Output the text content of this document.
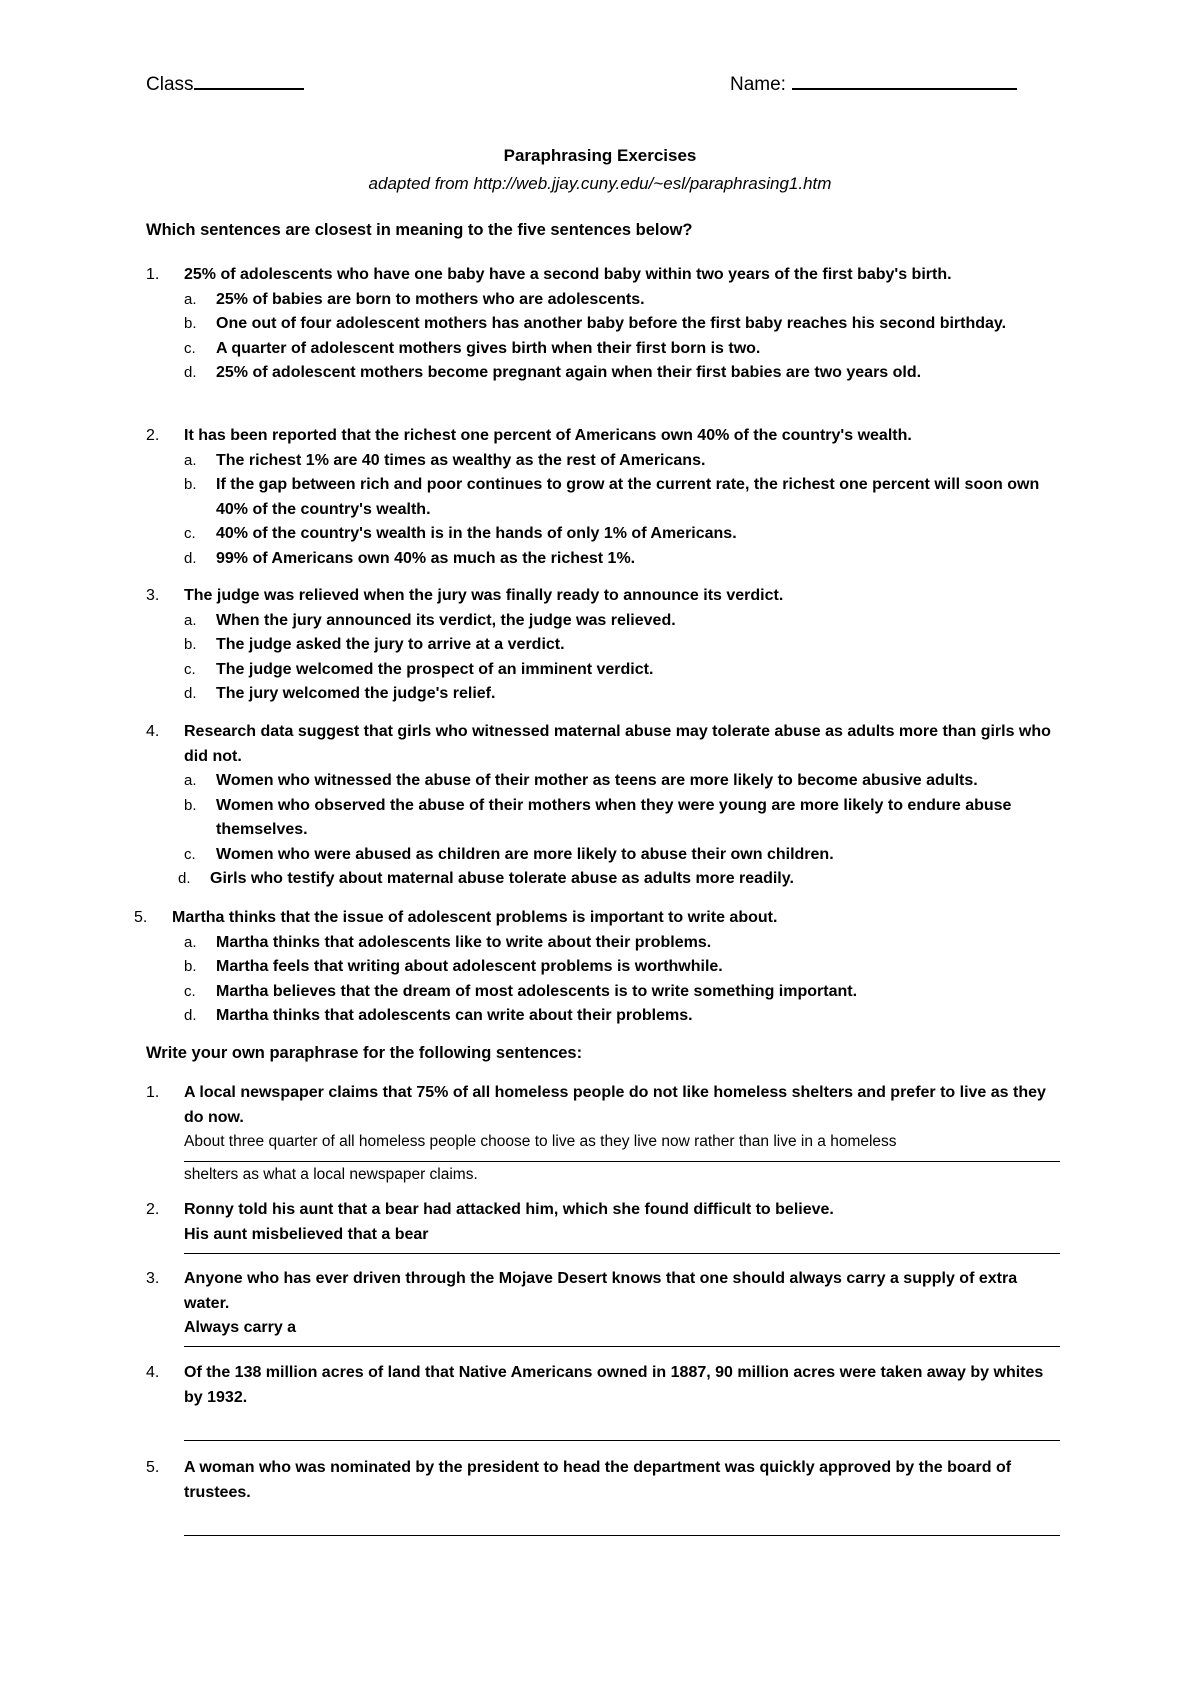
Class	Name:
Paraphrasing Exercises
adapted from http://web.jjay.cuny.edu/~esl/paraphrasing1.htm
Which sentences are closest in meaning to the five sentences below?
1. 25% of adolescents who have one baby have a second baby within two years of the first baby's birth.
a. 25% of babies are born to mothers who are adolescents.
b. One out of four adolescent mothers has another baby before the first baby reaches his second birthday.
c. A quarter of adolescent mothers gives birth when their first born is two.
d. 25% of adolescent mothers become pregnant again when their first babies are two years old.
2. It has been reported that the richest one percent of Americans own 40% of the country's wealth.
a. The richest 1% are 40 times as wealthy as the rest of Americans.
b. If the gap between rich and poor continues to grow at the current rate, the richest one percent will soon own 40% of the country's wealth.
c. 40% of the country's wealth is in the hands of only 1% of Americans.
d. 99% of Americans own 40% as much as the richest 1%.
3. The judge was relieved when the jury was finally ready to announce its verdict.
a. When the jury announced its verdict, the judge was relieved.
b. The judge asked the jury to arrive at a verdict.
c. The judge welcomed the prospect of an imminent verdict.
d. The jury welcomed the judge's relief.
4. Research data suggest that girls who witnessed maternal abuse may tolerate abuse as adults more than girls who did not.
a. Women who witnessed the abuse of their mother as teens are more likely to become abusive adults.
b. Women who observed the abuse of their mothers when they were young are more likely to endure abuse themselves.
c. Women who were abused as children are more likely to abuse their own children.
d. Girls who testify about maternal abuse tolerate abuse as adults more readily.
5. Martha thinks that the issue of adolescent problems is important to write about.
a. Martha thinks that adolescents like to write about their problems.
b. Martha feels that writing about adolescent problems is worthwhile.
c. Martha believes that the dream of most adolescents is to write something important.
d. Martha thinks that adolescents can write about their problems.
Write your own paraphrase for the following sentences:
1. A local newspaper claims that 75% of all homeless people do not like homeless shelters and prefer to live as they do now.
About three quarter of all homeless people choose to live as they live now rather than live in a homeless
shelters as what a local newspaper claims.
2. Ronny told his aunt that a bear had attacked him, which she found difficult to believe.
His aunt misbelieved that a bear
3. Anyone who has ever driven through the Mojave Desert knows that one should always carry a supply of extra water.
Always carry a
4. Of the 138 million acres of land that Native Americans owned in 1887, 90 million acres were taken away by whites by 1932.
5. A woman who was nominated by the president to head the department was quickly approved by the board of trustees.
